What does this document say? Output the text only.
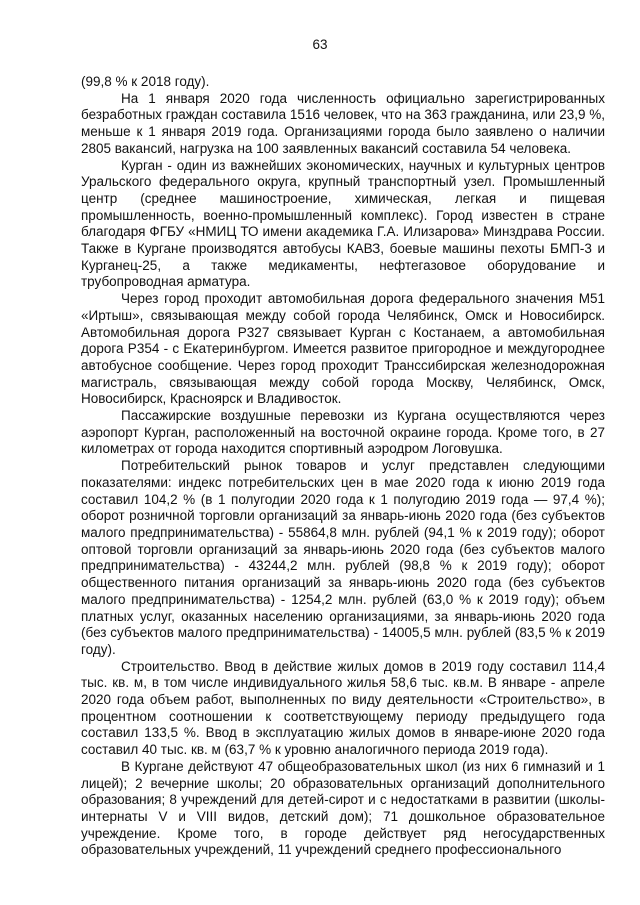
63

(99,8 % к 2018 году).

На 1 января 2020 года численность официально зарегистрированных безработных граждан составила 1516 человек, что на 363 гражданина, или 23,9 %, меньше к 1 января 2019 года. Организациями города было заявлено о наличии 2805 вакансий, нагрузка на 100 заявленных вакансий составила 54 человека.

Курган - один из важнейших экономических, научных и культурных центров Уральского федерального округа, крупный транспортный узел. Промышленный центр (среднее машиностроение, химическая, легкая и пищевая промышленность, военно-промышленный комплекс). Город известен в стране благодаря ФГБУ «НМИЦ ТО имени академика Г.А. Илизарова» Минздрава России. Также в Кургане производятся автобусы КАВЗ, боевые машины пехоты БМП-3 и Курганец-25, а также медикаменты, нефтегазовое оборудование и трубопроводная арматура.

Через город проходит автомобильная дорога федерального значения М51 «Иртыш», связывающая между собой города Челябинск, Омск и Новосибирск. Автомобильная дорога Р327 связывает Курган с Костанаем, а автомобильная дорога Р354 - с Екатеринбургом. Имеется развитое пригородное и междугороднее автобусное сообщение. Через город проходит Транссибирская железнодорожная магистраль, связывающая между собой города Москву, Челябинск, Омск, Новосибирск, Красноярск и Владивосток.

Пассажирские воздушные перевозки из Кургана осуществляются через аэропорт Курган, расположенный на восточной окраине города. Кроме того, в 27 километрах от города находится спортивный аэродром Логовушка.

Потребительский рынок товаров и услуг представлен следующими показателями: индекс потребительских цен в мае 2020 года к июню 2019 года составил 104,2 % (в 1 полугодии 2020 года к 1 полугодию 2019 года — 97,4 %); оборот розничной торговли организаций за январь-июнь 2020 года (без субъектов малого предпринимательства) - 55864,8 млн. рублей (94,1 % к 2019 году); оборот оптовой торговли организаций за январь-июнь 2020 года (без субъектов малого предпринимательства) - 43244,2 млн. рублей (98,8 % к 2019 году); оборот общественного питания организаций за январь-июнь 2020 года (без субъектов малого предпринимательства) - 1254,2 млн. рублей (63,0 % к 2019 году); объем платных услуг, оказанных населению организациями, за январь-июнь 2020 года (без субъектов малого предпринимательства) - 14005,5 млн. рублей (83,5 % к 2019 году).

Строительство. Ввод в действие жилых домов в 2019 году составил 114,4 тыс. кв. м, в том числе индивидуального жилья 58,6 тыс. кв.м. В январе - апреле 2020 года объем работ, выполненных по виду деятельности «Строительство», в процентном соотношении к соответствующему периоду предыдущего года составил 133,5 %. Ввод в эксплуатацию жилых домов в январе-июне 2020 года составил 40 тыс. кв. м (63,7 % к уровню аналогичного периода 2019 года).

В Кургане действуют 47 общеобразовательных школ (из них 6 гимназий и 1 лицей); 2 вечерние школы; 20 образовательных организаций дополнительного образования; 8 учреждений для детей-сирот и с недостатками в развитии (школы-интернаты V и VIII видов, детский дом); 71 дошкольное образовательное учреждение. Кроме того, в городе действует ряд негосударственных образовательных учреждений, 11 учреждений среднего профессионального
